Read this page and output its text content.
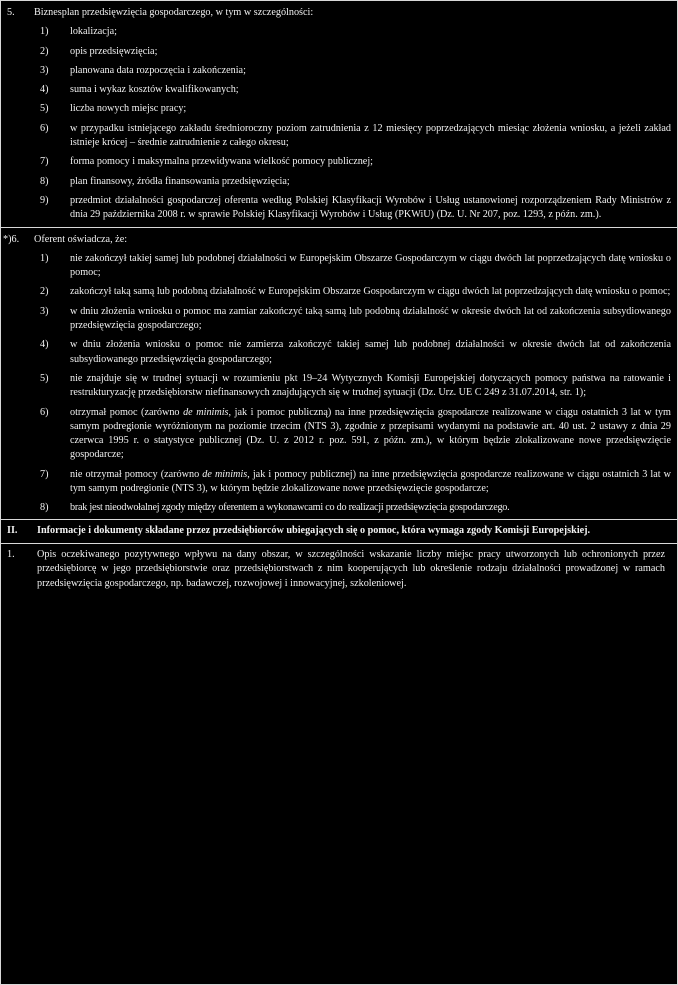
5.	Biznesplan przedsięwzięcia gospodarczego, w tym w szczególności:
1)	lokalizacja;
2)	opis przedsięwzięcia;
3)	planowana data rozpoczęcia i zakończenia;
4)	suma i wykaz kosztów kwalifikowanych;
5)	liczba nowych miejsc pracy;
6)	w przypadku istniejącego zakładu średnioroczny poziom zatrudnienia z 12 miesięcy poprzedzających miesiąc złożenia wniosku, a jeżeli zakład istnieje krócej – średnie zatrudnienie z całego okresu;
7)	forma pomocy i maksymalna przewidywana wielkość pomocy publicznej;
8)	plan finansowy, źródła finansowania przedsięwzięcia;
9)	przedmiot działalności gospodarczej oferenta według Polskiej Klasyfikacji Wyrobów i Usług ustanowionej rozporządzeniem Rady Ministrów z dnia 29 października 2008 r. w sprawie Polskiej Klasyfikacji Wyrobów i Usług (PKWiU) (Dz. U. Nr 207, poz. 1293, z późn. zm.).
*)6.	Oferent oświadcza, że:
1)	nie zakończył takiej samej lub podobnej działalności w Europejskim Obszarze Gospodarczym w ciągu dwóch lat poprzedzających datę wniosku o pomoc;
2)	zakończył taką samą lub podobną działalność w Europejskim Obszarze Gospodarczym w ciągu dwóch lat poprzedzających datę wniosku o pomoc;
3)	w dniu złożenia wniosku o pomoc ma zamiar zakończyć taką samą lub podobną działalność w okresie dwóch lat od zakończenia subsydiowanego przedsięwzięcia gospodarczego;
4)	w dniu złożenia wniosku o pomoc nie zamierza zakończyć takiej samej lub podobnej działalności w okresie dwóch lat od zakończenia subsydiowanego przedsięwzięcia gospodarczego;
5)	nie znajduje się w trudnej sytuacji w rozumieniu pkt 19–24 Wytycznych Komisji Europejskiej dotyczących pomocy państwa na ratowanie i restrukturyzację przedsiębiorstw niefinansowych znajdujących się w trudnej sytuacji (Dz. Urz. UE C 249 z 31.07.2014, str. 1);
6)	otrzymał pomoc (zarówno de minimis, jak i pomoc publiczną) na inne przedsięwzięcia gospodarcze realizowane w ciągu ostatnich 3 lat w tym samym podregionie wyróżnionym na poziomie trzecim (NTS 3), zgodnie z przepisami wydanymi na podstawie art. 40 ust. 2 ustawy z dnia 29 czerwca 1995 r. o statystyce publicznej (Dz. U. z 2012 r. poz. 591, z późn. zm.), w którym będzie zlokalizowane nowe przedsięwzięcie gospodarcze;
7)	nie otrzymał pomocy (zarówno de minimis, jak i pomocy publicznej) na inne przedsięwzięcia gospodarcze realizowane w ciągu ostatnich 3 lat w tym samym podregionie (NTS 3), w którym będzie zlokalizowane nowe przedsięwzięcie gospodarcze;
8)	brak jest nieodwołalnej zgody między oferentem a wykonawcami co do realizacji przedsięwzięcia gospodarczego.
II.	Informacje i dokumenty składane przez przedsiębiorców ubiegających się o pomoc, która wymaga zgody Komisji Europejskiej.
1.	Opis oczekiwanego pozytywnego wpływu na dany obszar, w szczególności wskazanie liczby miejsc pracy utworzonych lub ochronionych przez przedsiębiorcę w jego przedsiębiorstwie oraz przedsiębiorstwach z nim kooperujących lub określenie rodzaju działalności prowadzonej w ramach przedsięwzięcia gospodarczego, np. badawczej, rozwojowej i innowacyjnej, szkoleniowej.
